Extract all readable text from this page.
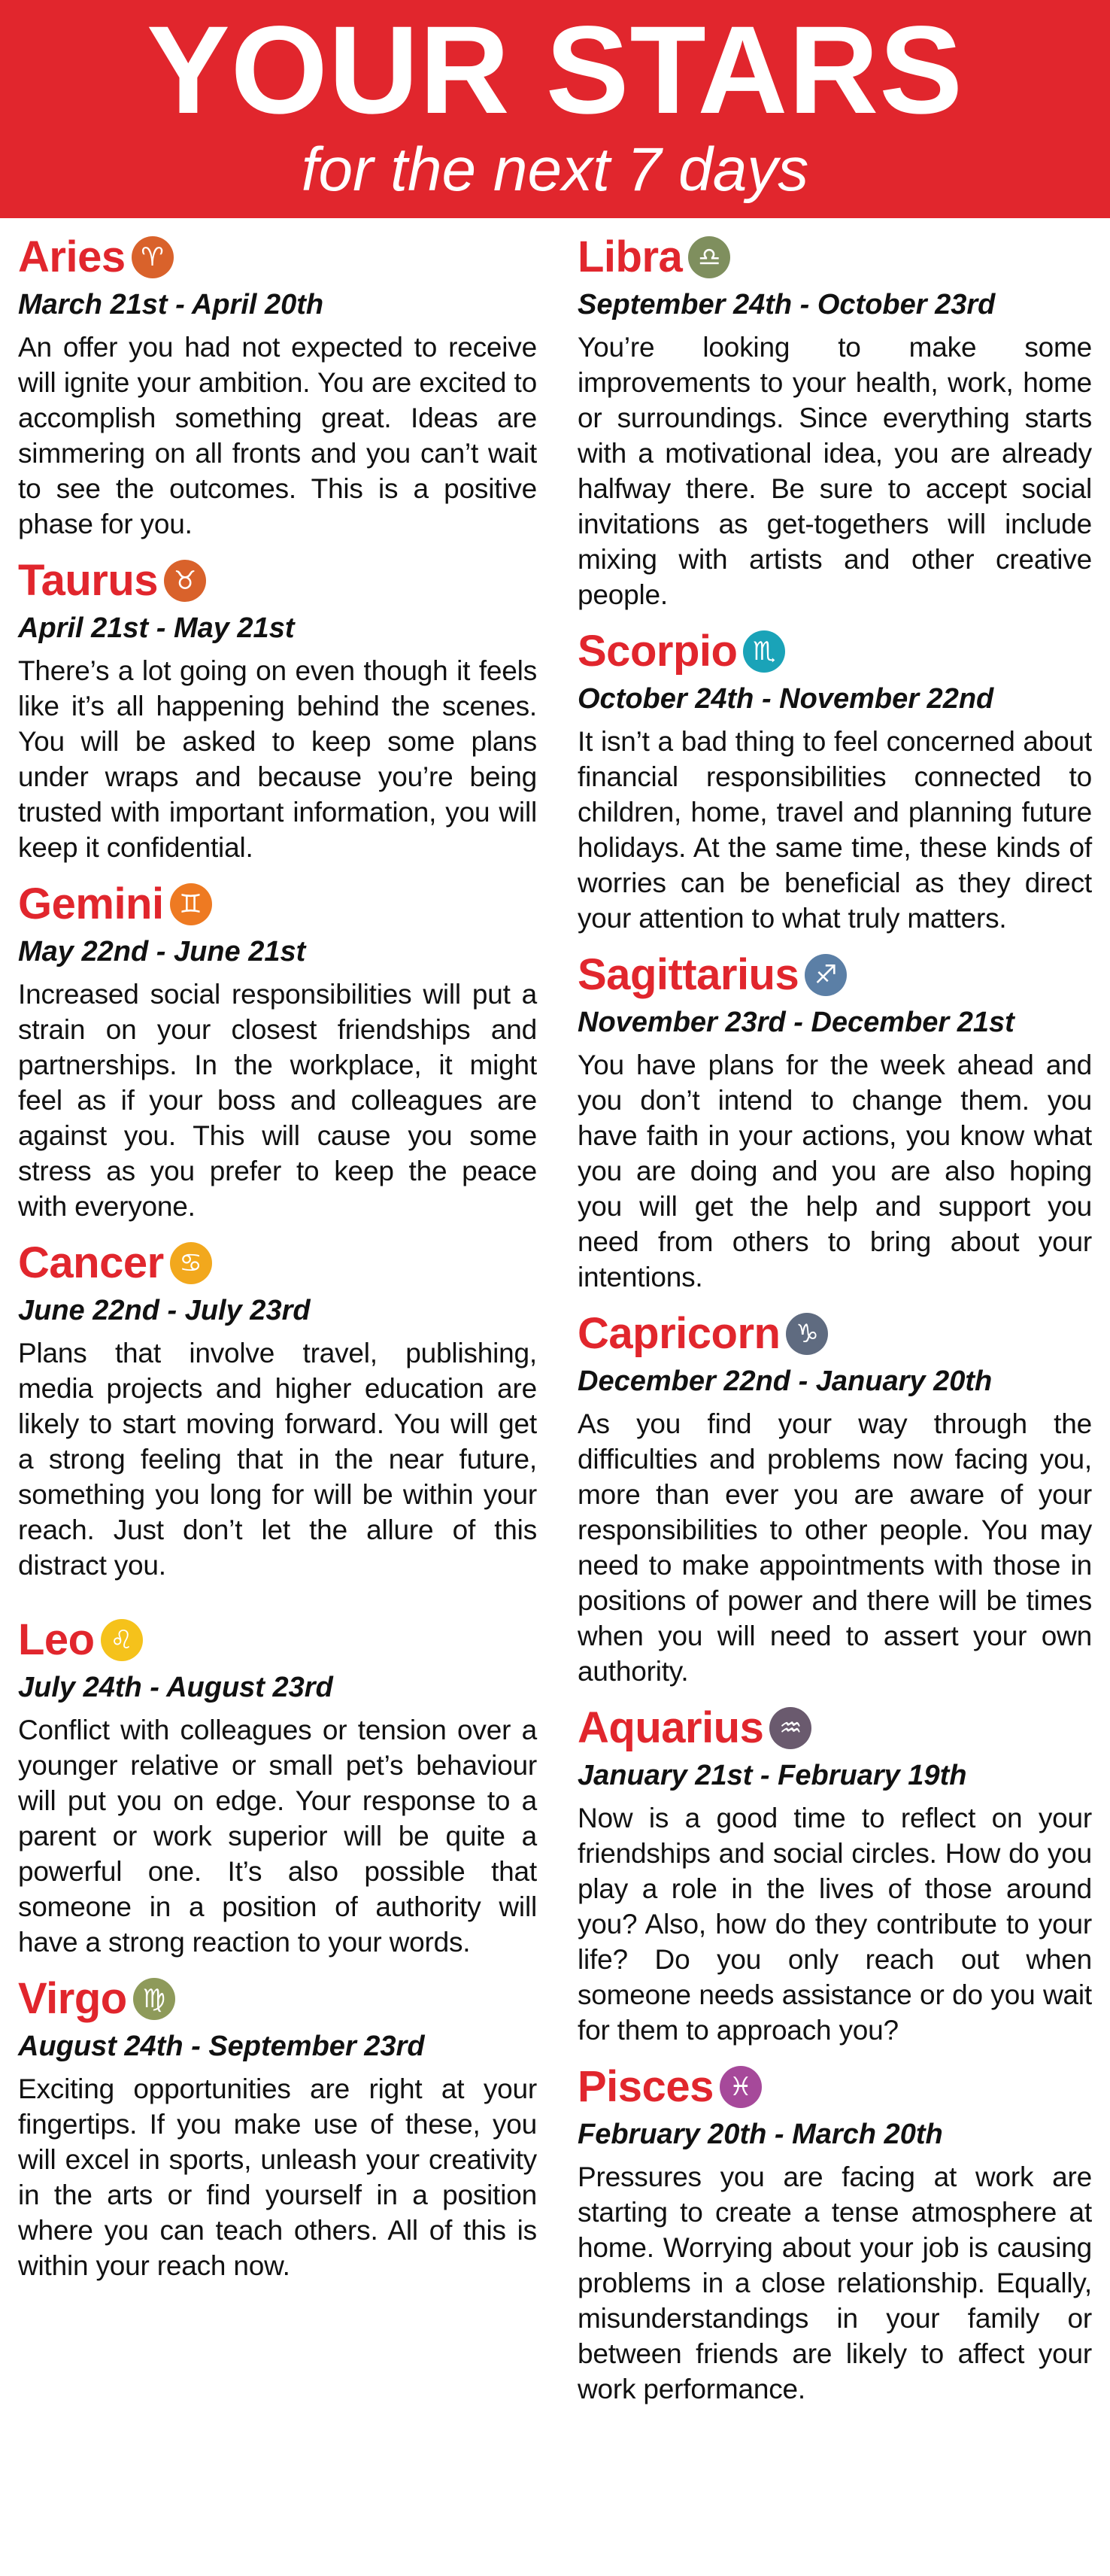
YOUR STARS
for the next 7 days
Aries ♈
March 21st - April 20th
An offer you had not expected to receive will ignite your ambition. You are excited to accomplish something great. Ideas are simmering on all fronts and you can’t wait to see the outcomes. This is a positive phase for you.
Taurus ♉
April 21st - May 21st
There’s a lot going on even though it feels like it’s all happening behind the scenes. You will be asked to keep some plans under wraps and because you’re being trusted with important information, you will keep it confidential.
Gemini ♊
May 22nd - June 21st
Increased social responsibilities will put a strain on your closest friendships and partnerships. In the workplace, it might feel as if your boss and colleagues are against you. This will cause you some stress as you prefer to keep the peace with everyone.
Cancer ♋
June 22nd - July 23rd
Plans that involve travel, publishing, media projects and higher education are likely to start moving forward. You will get a strong feeling that in the near future, something you long for will be within your reach. Just don’t let the allure of this distract you.
Leo ♌
July 24th - August 23rd
Conflict with colleagues or tension over a younger relative or small pet’s behaviour will put you on edge. Your response to a parent or work superior will be quite a powerful one. It’s also possible that someone in a position of authority will have a strong reaction to your words.
Virgo ♍
August 24th - September 23rd
Exciting opportunities are right at your fingertips. If you make use of these, you will excel in sports, unleash your creativity in the arts or find yourself in a position where you can teach others. All of this is within your reach now.
Libra ♎
September 24th - October 23rd
You’re looking to make some improvements to your health, work, home or surroundings. Since everything starts with a motivational idea, you are already halfway there. Be sure to accept social invitations as get-togethers will include mixing with artists and other creative people.
Scorpio ♏
October 24th - November 22nd
It isn’t a bad thing to feel concerned about financial responsibilities connected to children, home, travel and planning future holidays. At the same time, these kinds of worries can be beneficial as they direct your attention to what truly matters.
Sagittarius ♐
November 23rd - December 21st
You have plans for the week ahead and you don’t intend to change them. you have faith in your actions, you know what you are doing and you are also hoping you will get the help and support you need from others to bring about your intentions.
Capricorn ♑
December 22nd - January 20th
As you find your way through the difficulties and problems now facing you, more than ever you are aware of your responsibilities to other people. You may need to make appointments with those in positions of power and there will be times when you will need to assert your own authority.
Aquarius ♒
January 21st - February 19th
Now is a good time to reflect on your friendships and social circles. How do you play a role in the lives of those around you? Also, how do they contribute to your life? Do you only reach out when someone needs assistance or do you wait for them to approach you?
Pisces ♓
February 20th - March 20th
Pressures you are facing at work are starting to create a tense atmosphere at home. Worrying about your job is causing problems in a close relationship. Equally, misunderstandings in your family or between friends are likely to affect your work performance.
